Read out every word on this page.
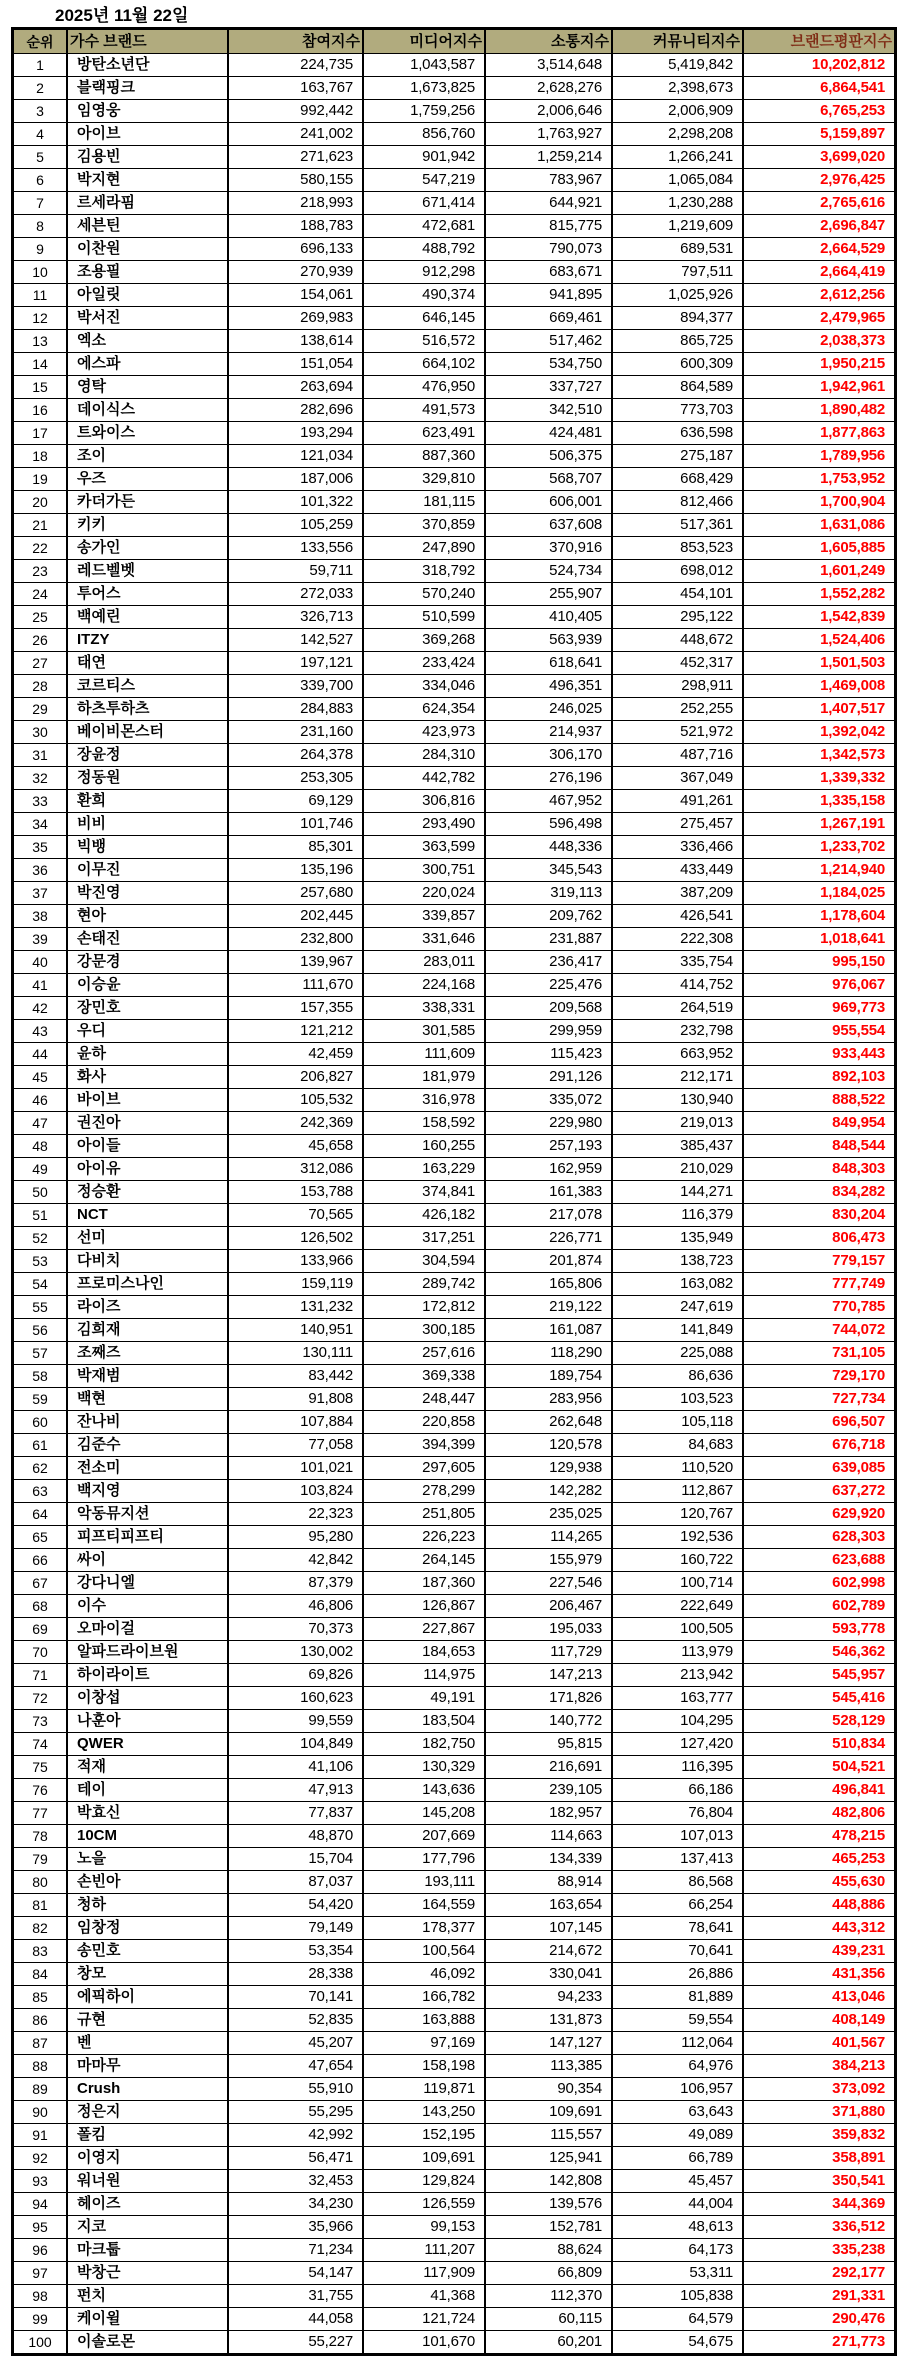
2025년 11월 22일
순위	가수 브랜드	참여지수	미디어지수	소통지수	커뮤니티지수	브랜드평판지수
1	방탄소년단	224,735	1,043,587	3,514,648	5,419,842	10,202,812
2	블랙핑크	163,767	1,673,825	2,628,276	2,398,673	6,864,541
3	임영웅	992,442	1,759,256	2,006,646	2,006,909	6,765,253
4	아이브	241,002	856,760	1,763,927	2,298,208	5,159,897
5	김용빈	271,623	901,942	1,259,214	1,266,241	3,699,020
6	박지현	580,155	547,219	783,967	1,065,084	2,976,425
7	르세라핌	218,993	671,414	644,921	1,230,288	2,765,616
8	세븐틴	188,783	472,681	815,775	1,219,609	2,696,847
9	이찬원	696,133	488,792	790,073	689,531	2,664,529
10	조용필	270,939	912,298	683,671	797,511	2,664,419
11	아일릿	154,061	490,374	941,895	1,025,926	2,612,256
12	박서진	269,983	646,145	669,461	894,377	2,479,965
13	엑소	138,614	516,572	517,462	865,725	2,038,373
14	에스파	151,054	664,102	534,750	600,309	1,950,215
15	영탁	263,694	476,950	337,727	864,589	1,942,961
16	데이식스	282,696	491,573	342,510	773,703	1,890,482
17	트와이스	193,294	623,491	424,481	636,598	1,877,863
18	조이	121,034	887,360	506,375	275,187	1,789,956
19	우즈	187,006	329,810	568,707	668,429	1,753,952
20	카더가든	101,322	181,115	606,001	812,466	1,700,904
21	키키	105,259	370,859	637,608	517,361	1,631,086
22	송가인	133,556	247,890	370,916	853,523	1,605,885
23	레드벨벳	59,711	318,792	524,734	698,012	1,601,249
24	투어스	272,033	570,240	255,907	454,101	1,552,282
25	백예린	326,713	510,599	410,405	295,122	1,542,839
26	ITZY	142,527	369,268	563,939	448,672	1,524,406
27	태연	197,121	233,424	618,641	452,317	1,501,503
28	코르티스	339,700	334,046	496,351	298,911	1,469,008
29	하츠투하츠	284,883	624,354	246,025	252,255	1,407,517
30	베이비몬스터	231,160	423,973	214,937	521,972	1,392,042
31	장윤정	264,378	284,310	306,170	487,716	1,342,573
32	정동원	253,305	442,782	276,196	367,049	1,339,332
33	환희	69,129	306,816	467,952	491,261	1,335,158
34	비비	101,746	293,490	596,498	275,457	1,267,191
35	빅뱅	85,301	363,599	448,336	336,466	1,233,702
36	이무진	135,196	300,751	345,543	433,449	1,214,940
37	박진영	257,680	220,024	319,113	387,209	1,184,025
38	현아	202,445	339,857	209,762	426,541	1,178,604
39	손태진	232,800	331,646	231,887	222,308	1,018,641
40	강문경	139,967	283,011	236,417	335,754	995,150
41	이승윤	111,670	224,168	225,476	414,752	976,067
42	장민호	157,355	338,331	209,568	264,519	969,773
43	우디	121,212	301,585	299,959	232,798	955,554
44	윤하	42,459	111,609	115,423	663,952	933,443
45	화사	206,827	181,979	291,126	212,171	892,103
46	바이브	105,532	316,978	335,072	130,940	888,522
47	권진아	242,369	158,592	229,980	219,013	849,954
48	아이들	45,658	160,255	257,193	385,437	848,544
49	아이유	312,086	163,229	162,959	210,029	848,303
50	정승환	153,788	374,841	161,383	144,271	834,282
51	NCT	70,565	426,182	217,078	116,379	830,204
52	선미	126,502	317,251	226,771	135,949	806,473
53	다비치	133,966	304,594	201,874	138,723	779,157
54	프로미스나인	159,119	289,742	165,806	163,082	777,749
55	라이즈	131,232	172,812	219,122	247,619	770,785
56	김희재	140,951	300,185	161,087	141,849	744,072
57	조째즈	130,111	257,616	118,290	225,088	731,105
58	박재범	83,442	369,338	189,754	86,636	729,170
59	백현	91,808	248,447	283,956	103,523	727,734
60	잔나비	107,884	220,858	262,648	105,118	696,507
61	김준수	77,058	394,399	120,578	84,683	676,718
62	전소미	101,021	297,605	129,938	110,520	639,085
63	백지영	103,824	278,299	142,282	112,867	637,272
64	악동뮤지션	22,323	251,805	235,025	120,767	629,920
65	피프티피프티	95,280	226,223	114,265	192,536	628,303
66	싸이	42,842	264,145	155,979	160,722	623,688
67	강다니엘	87,379	187,360	227,546	100,714	602,998
68	이수	46,806	126,867	206,467	222,649	602,789
69	오마이걸	70,373	227,867	195,033	100,505	593,778
70	알파드라이브원	130,002	184,653	117,729	113,979	546,362
71	하이라이트	69,826	114,975	147,213	213,942	545,957
72	이창섭	160,623	49,191	171,826	163,777	545,416
73	나훈아	99,559	183,504	140,772	104,295	528,129
74	QWER	104,849	182,750	95,815	127,420	510,834
75	적재	41,106	130,329	216,691	116,395	504,521
76	테이	47,913	143,636	239,105	66,186	496,841
77	박효신	77,837	145,208	182,957	76,804	482,806
78	10CM	48,870	207,669	114,663	107,013	478,215
79	노을	15,704	177,796	134,339	137,413	465,253
80	손빈아	87,037	193,111	88,914	86,568	455,630
81	청하	54,420	164,559	163,654	66,254	448,886
82	임창정	79,149	178,377	107,145	78,641	443,312
83	송민호	53,354	100,564	214,672	70,641	439,231
84	창모	28,338	46,092	330,041	26,886	431,356
85	에픽하이	70,141	166,782	94,233	81,889	413,046
86	규현	52,835	163,888	131,873	59,554	408,149
87	벤	45,207	97,169	147,127	112,064	401,567
88	마마무	47,654	158,198	113,385	64,976	384,213
89	Crush	55,910	119,871	90,354	106,957	373,092
90	정은지	55,295	143,250	109,691	63,643	371,880
91	폴킴	42,992	152,195	115,557	49,089	359,832
92	이영지	56,471	109,691	125,941	66,789	358,891
93	워너원	32,453	129,824	142,808	45,457	350,541
94	헤이즈	34,230	126,559	139,576	44,004	344,369
95	지코	35,966	99,153	152,781	48,613	336,512
96	마크툽	71,234	111,207	88,624	64,173	335,238
97	박창근	54,147	117,909	66,809	53,311	292,177
98	펀치	31,755	41,368	112,370	105,838	291,331
99	케이윌	44,058	121,724	60,115	64,579	290,476
100	이솔로몬	55,227	101,670	60,201	54,675	271,773
